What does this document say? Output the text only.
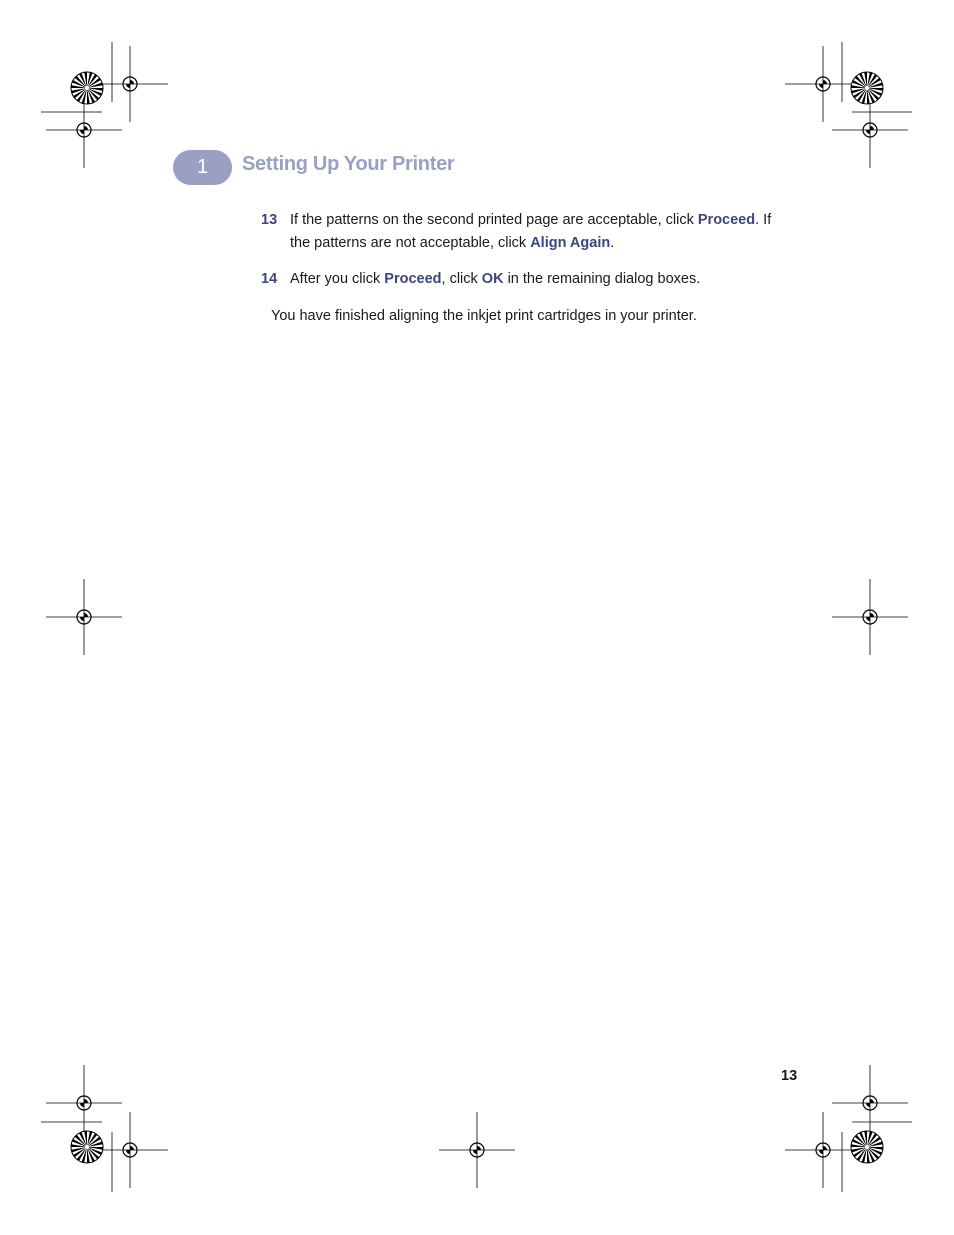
1	Setting Up Your Printer
13 If the patterns on the second printed page are acceptable, click Proceed. If the patterns are not acceptable, click Align Again.
14 After you click Proceed, click OK in the remaining dialog boxes.
You have finished aligning the inkjet print cartridges in your printer.
13
